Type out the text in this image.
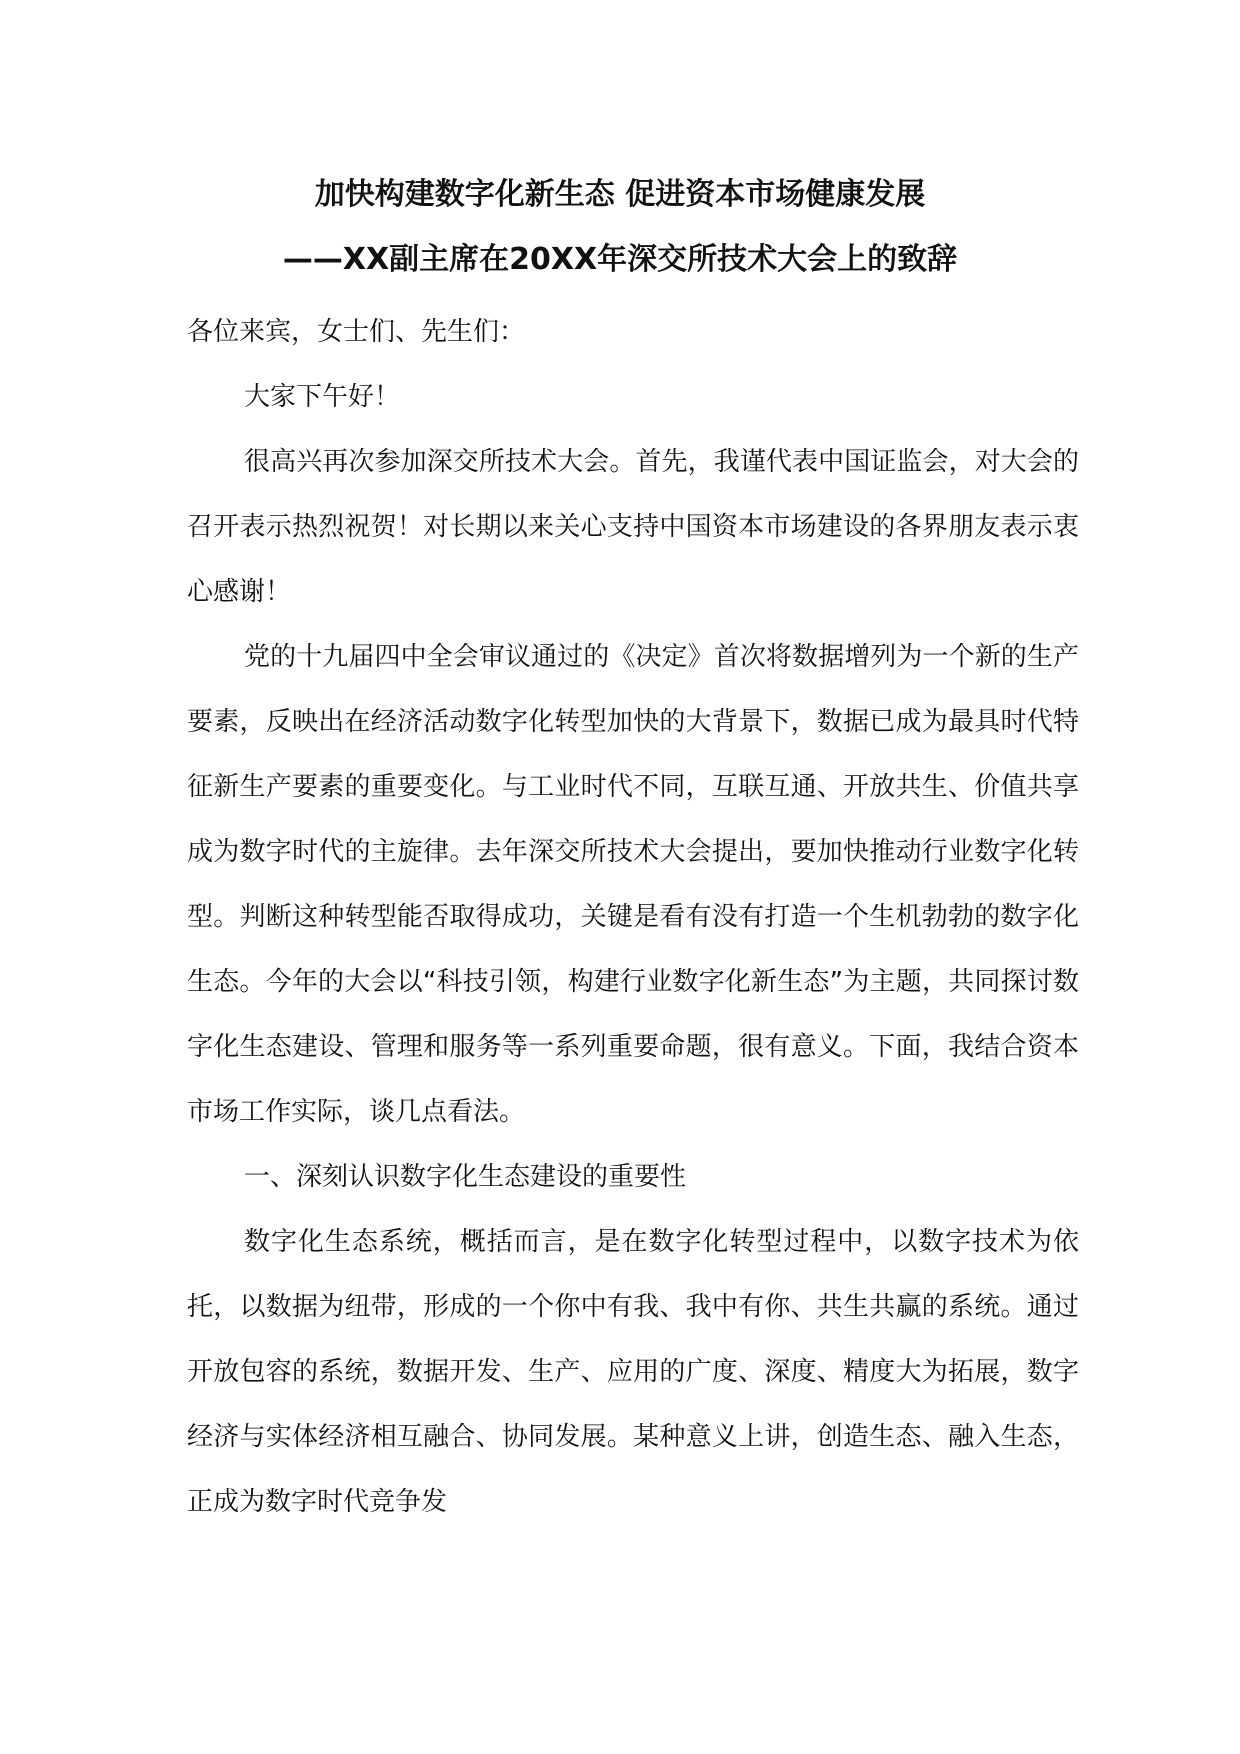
加快构建数字化新生态 促进资本市场健康发展
——XX副主席在20XX年深交所技术大会上的致辞

各位来宾，女士们、先生们：

大家下午好！

很高兴再次参加深交所技术大会。首先，我谨代表中国证监会，对大会的召开表示热烈祝贺！对长期以来关心支持中国资本市场建设的各界朋友表示衷心感谢！

党的十九届四中全会审议通过的《决定》首次将数据增列为一个新的生产要素，反映出在经济活动数字化转型加快的大背景下，数据已成为最具时代特征新生产要素的重要变化。与工业时代不同，互联互通、开放共生、价值共享成为数字时代的主旋律。去年深交所技术大会提出，要加快推动行业数字化转型。判断这种转型能否取得成功，关键是看有没有打造一个生机勃勃的数字化生态。今年的大会以“科技引领，构建行业数字化新生态”为主题，共同探讨数字化生态建设、管理和服务等一系列重要命题，很有意义。下面，我结合资本市场工作实际，谈几点看法。

一、深刻认识数字化生态建设的重要性

数字化生态系统，概括而言，是在数字化转型过程中，以数字技术为依托，以数据为纽带，形成的一个你中有我、我中有你、共生共赢的系统。通过开放包容的系统，数据开发、生产、应用的广度、深度、精度大为拓展，数字经济与实体经济相互融合、协同发展。某种意义上讲，创造生态、融入生态，正成为数字时代竞争发
